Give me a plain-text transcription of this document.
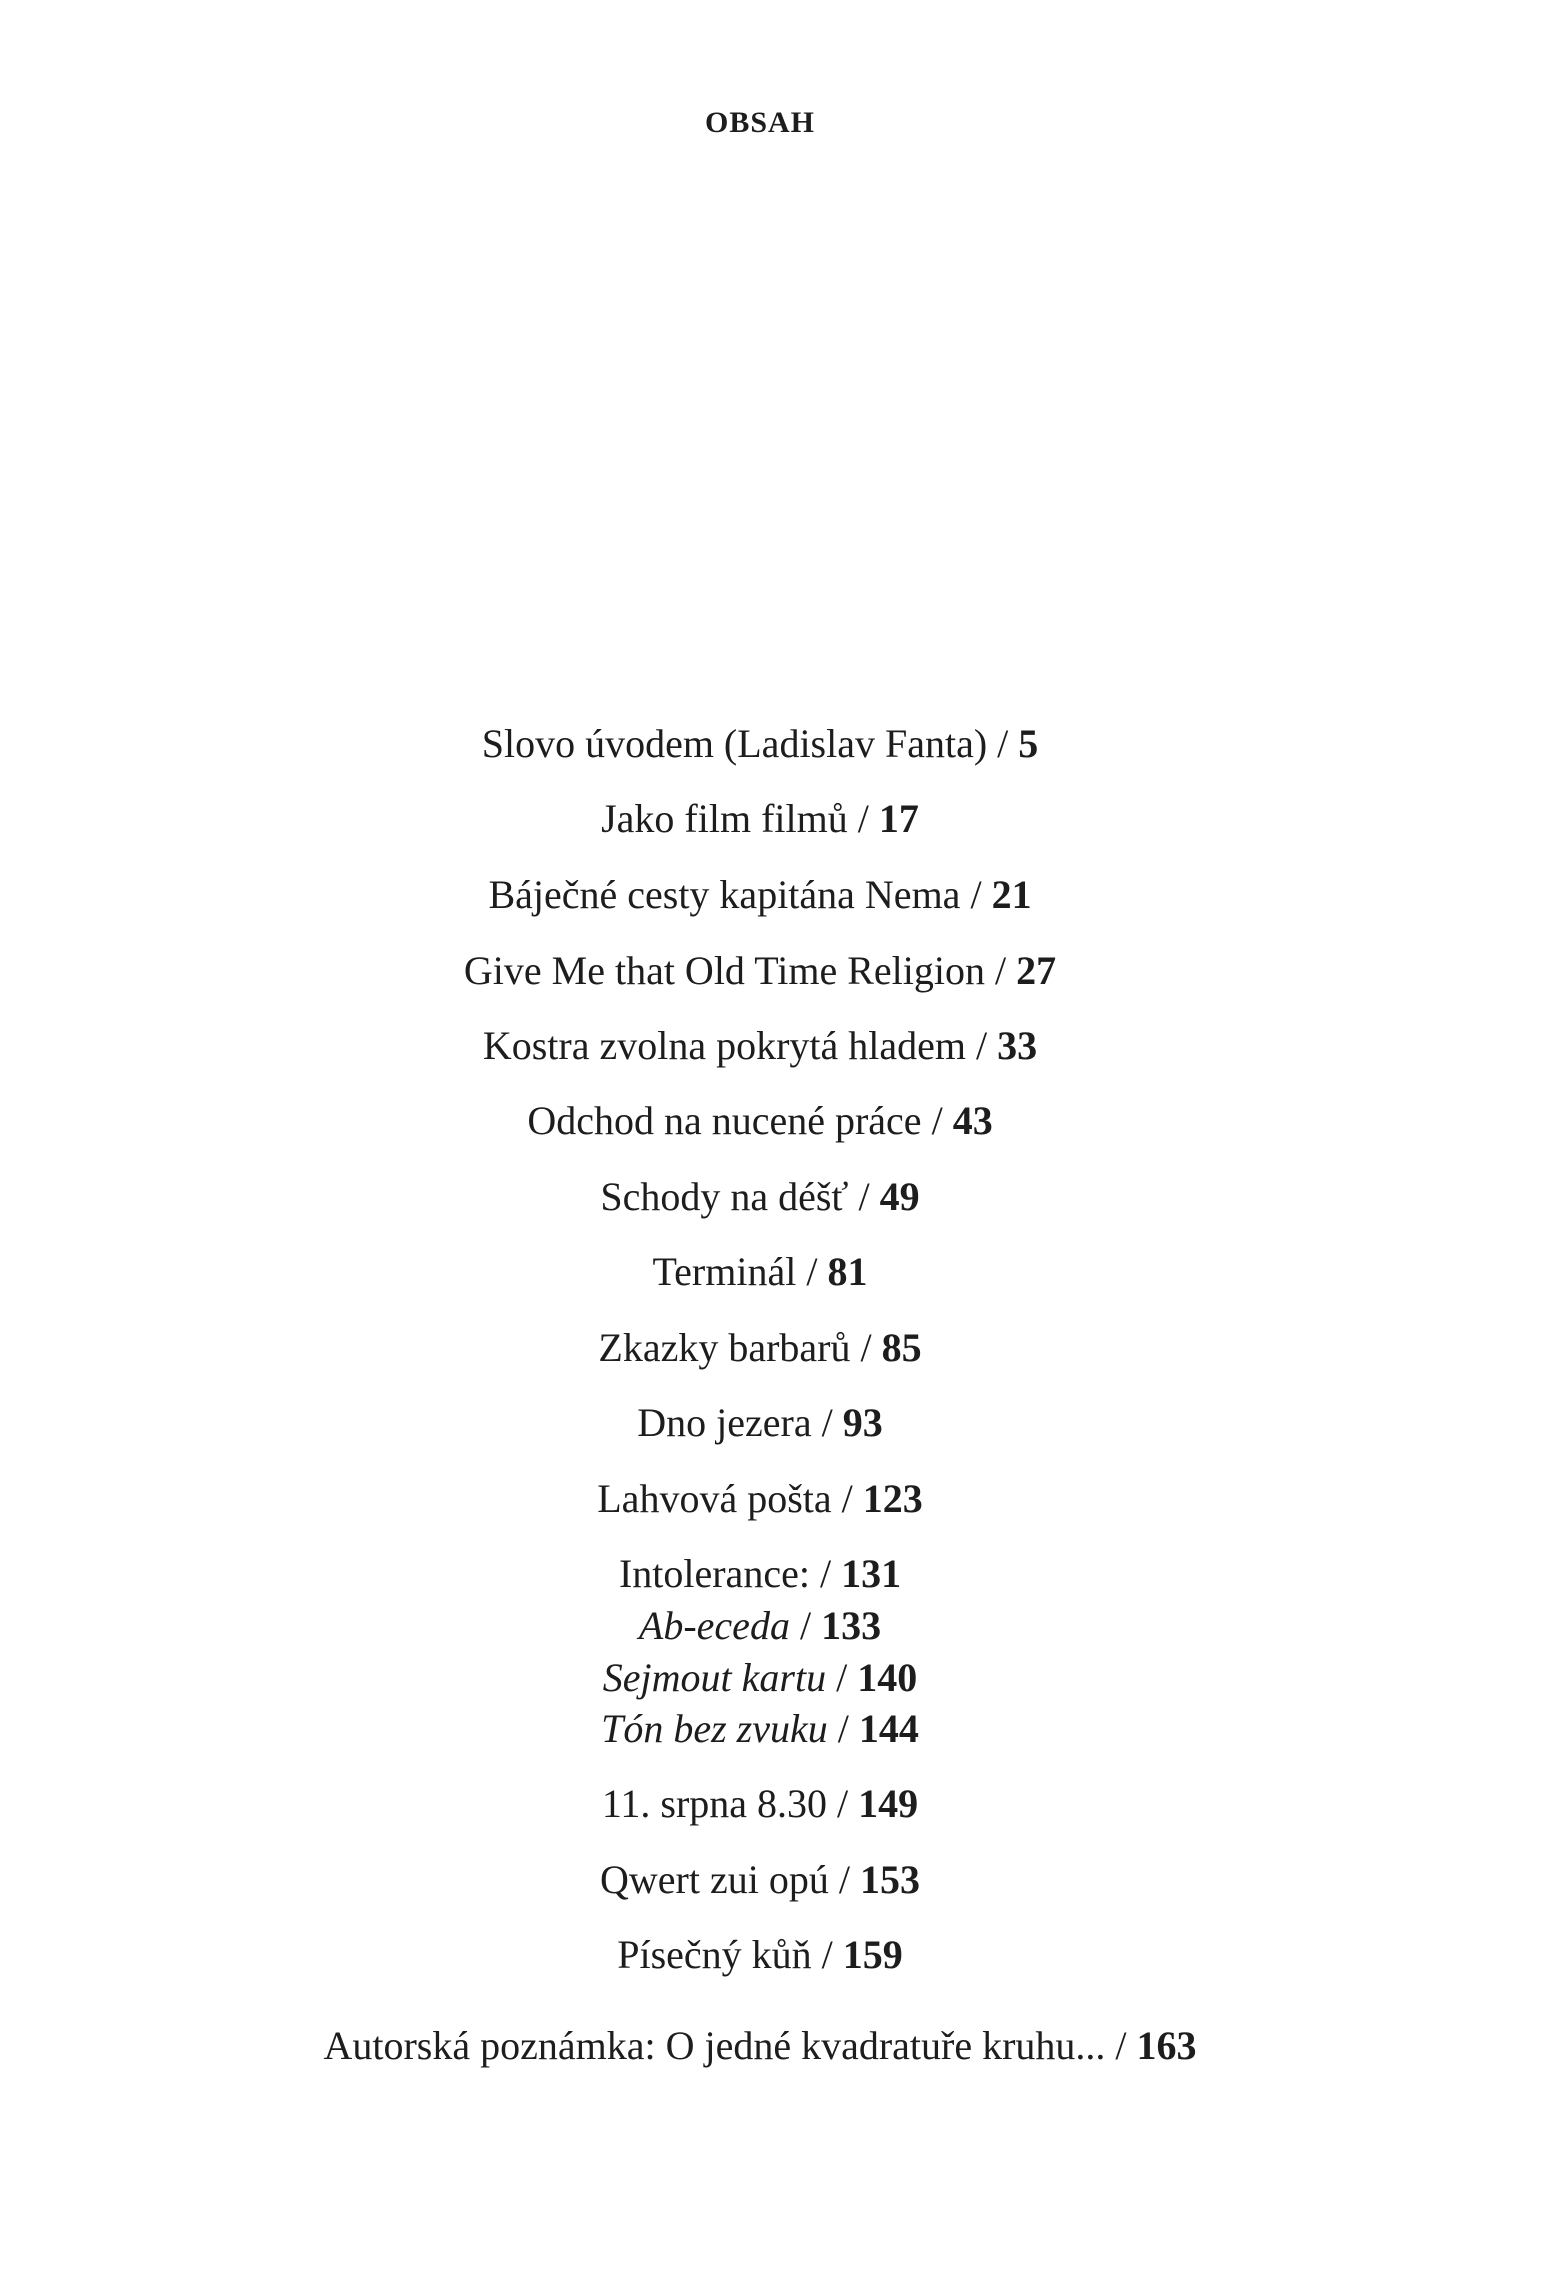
OBSAH
Slovo úvodem (Ladislav Fanta) / 5
Jako film filmů / 17
Báječné cesty kapitána Nema / 21
Give Me that Old Time Religion / 27
Kostra zvolna pokrytá hladem / 33
Odchod na nucené práce / 43
Schody na déšť / 49
Terminál / 81
Zkazky barbarů / 85
Dno jezera / 93
Lahvová pošta / 123
Intolerance: / 131
Ab-eceda / 133
Sejmout kartu / 140
Tón bez zvuku / 144
11. srpna 8.30 / 149
Qwert zui opú / 153
Písečný kůň / 159
Autorská poznámka: O jedné kvadratuře kruhu... / 163
